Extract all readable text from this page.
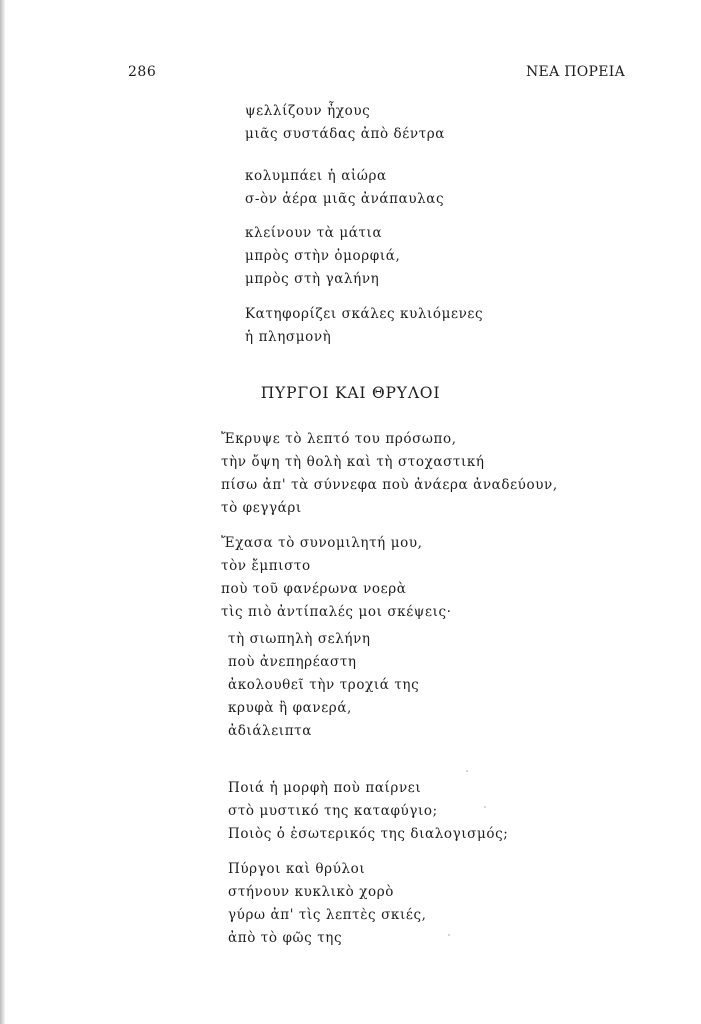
286	ΝΕΑ ΠΟΡΕΙΑ
ψελλίζουν ἦχους
μιᾶς συστάδας ἀπὸ δέντρα
κολυμπάει ἡ αἰώρα
σ-ὸν ἀέρα μιᾶς ἀνάπαυλας
κλείνουν τὰ μάτια
μπρὸς στὴν ὀμορφιά,
μπρὸς στὴ γαλήνη
Κατηφορίζει σκάλες κυλιόμενες
ἡ πλησμονὴ
ΠΥΡΓΟΙ ΚΑΙ ΘΡΥΛΟΙ
Ἔκρυψε τὸ λεπτό του πρόσωπο,
τὴν ὄψη τὴ θολὴ καὶ τὴ στοχαστική
πίσω ἀπ' τὰ σύννεφα ποὺ ἀνάερα ἀναδεύουν,
τὸ φεγγάρι
Ἔχασα τὸ συνομιλητή μου,
τὸν ἔμπιστο
ποὺ τοῦ φανέρωνα νοερὰ
τὶς πιὸ ἀντίπαλές μοι σκέψεις·
τὴ σιωπηλὴ σελήνη
ποὺ ἀνεπηρέαστη
ἀκολουθεῖ τὴν τροχιά της
κρυφὰ ἢ φανερά,
ἀδιάλειπτα
Ποιά ἡ μορφὴ ποὺ παίρνει
στὸ μυστικό της καταφύγιο;
Ποιὸς ὁ ἐσωτερικός της διαλογισμός;
Πύργοι καὶ θρύλοι
στήνουν κυκλικὸ χορὸ
γύρω ἀπ' τὶς λεπτὲς σκιές,
ἀπὸ τὸ φῶς της
